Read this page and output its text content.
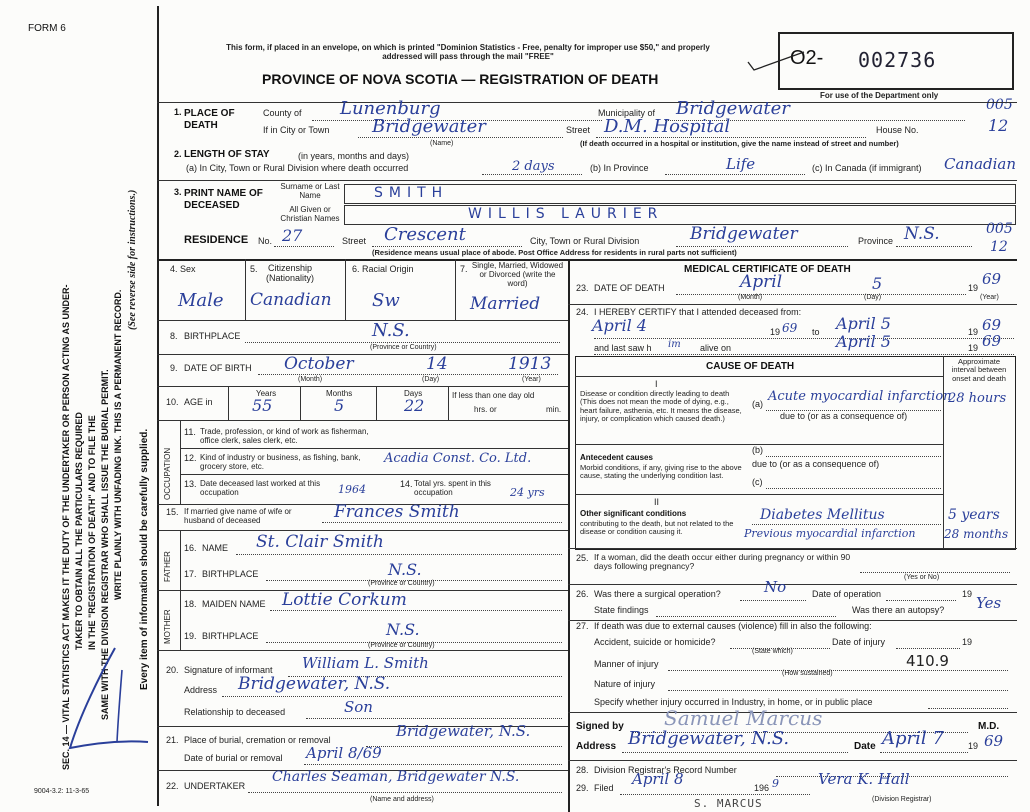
FORM 6
SEC. 14 — VITAL STATISTICS ACT MAKES IT THE DUTY OF THE UNDERTAKER OR PERSON ACTING AS UNDER- TAKER TO OBTAIN ALL THE PARTICULARS REQUIRED IN THE "REGISTRATION OF DEATH" AND TO FILE THE SAME WITH THE DIVISION REGISTRAR WHO SHALL ISSUE THE BURIAL PERMIT. WRITE PLAINLY WITH UNFADING INK. THIS IS A PERMANENT RECORD.
(See reverse side for instructions.)
Every item of information should be carefully supplied.
9004-3.2: 11-3-65
This form, if placed in an envelope, on which is printed "Dominion Statistics - Free, penalty for improper use $50," and properly addressed will pass through the mail "FREE"
PROVINCE OF NOVA SCOTIA — REGISTRATION OF DEATH
O2- 002736
For use of the Department only
005
1. PLACE OF DEATH
County of Lunenburg	Municipality of Bridgewater
If in City or Town Bridgewater
(Name)
Street D.M. Hospital	House No.	12
(If death occurred in a hospital or institution, give the name instead of street and number)
2. LENGTH OF STAY	(in years, months and days)
(a) In City, Town or Rural Division where death occurred	2 days	(b) In Province	Life	(c) In Canada (if immigrant) Canadian
3. PRINT NAME OF DECEASED
Surname or Last Name	SMITH
All Given or Christian Names	WILLIS LAURIER
RESIDENCE No. 27	Street Crescent	City, Town or Rural Division	Bridgewater	Province N.S.	005
12
(Residence means usual place of abode. Post Office Address for residents in rural parts not sufficient)
4. Sex
Male
5.	Citizenship (Nationality)
Canadian
6. Racial Origin
Sw
7. Single, Married, Widowed or Divorced (write the word)
Married
8. BIRTHPLACE	N.S.
(Province or Country)
9. DATE OF BIRTH October	14	1913
(Month)	(Day)	(Year)
10. AGE in
Years
55
Months
5
Days
22
If less than one day old
hrs. or	min.
OCCUPATION
11. Trade, profession, or kind of work as fisherman, office clerk, sales clerk, etc.
12. Kind of industry or business, as fishing, bank, grocery store, etc.
Acadia Const. Co. Ltd.
13. Date deceased last worked at this occupation	1964	14. Total yrs. spent in this occupation	24 yrs
15. If married give name of wife or husband of deceased	Frances Smith
FATHER
16. NAME St. Clair Smith
17. BIRTHPLACE	N.S.
(Province or Country)
MOTHER
18. MAIDEN NAME Lottie Corkum
19. BIRTHPLACE	N.S.
(Province or Country)
20. Signature of informant William L. Smith
Address Bridgewater, N.S.
Relationship to deceased	Son
21. Place of burial, cremation or removal	Bridgewater, N.S.
Date of burial or removal April 8/69
22. UNDERTAKER
Charles Seaman, Bridgewater N.S.
(Name and address)
MEDICAL CERTIFICATE OF DEATH
23. DATE OF DEATH	April	5	19 69
(Month)	(Day)	(Year)
24. I HEREBY CERTIFY that I attended deceased from:
April 4	19 69 to April 5	19 69
and last saw h im alive on	April 5	19 69
CAUSE OF DEATH	Approximate interval between onset and death
I
Disease or condition directly leading to death (This does not mean the mode of dying, e.g., heart failure, asthenia, etc. It means the disease, injury, or complication which caused death.)
(a) Acute myocardial infarction
28 hours
due to (or as a consequence of)
(b)
Antecedent causes
Morbid conditions, if any, giving rise to the above cause, stating the underlying condition last.
due to (or as a consequence of)
(c)
II
Other significant conditions
contributing to the death, but not related to the disease or condition causing it.
Diabetes Mellitus	5 years
Previous myocardial infarction 28 months
25. If a woman, did the death occur either during pregnancy or within 90 days following pregnancy?
(Yes or No)
26. Was there a surgical operation?	No	Date of operation	19
State findings	Was there an autopsy? Yes
27. If death was due to external causes (violence) fill in also the following:
Accident, suicide or homicide?	Date of injury	19
(State which)
Manner of injury	410.9
(How sustained)
Nature of injury
Specify whether injury occurred in Industry, in home, or in public place
Signed by Samuel Marcus	M.D.
Address Bridgewater, N.S.	Date April 7	19 69
28. Division Registrar's Record Number
29. Filed April 8	196 9	Vera K. Hall
(Division Registrar)
S. MARCUS
